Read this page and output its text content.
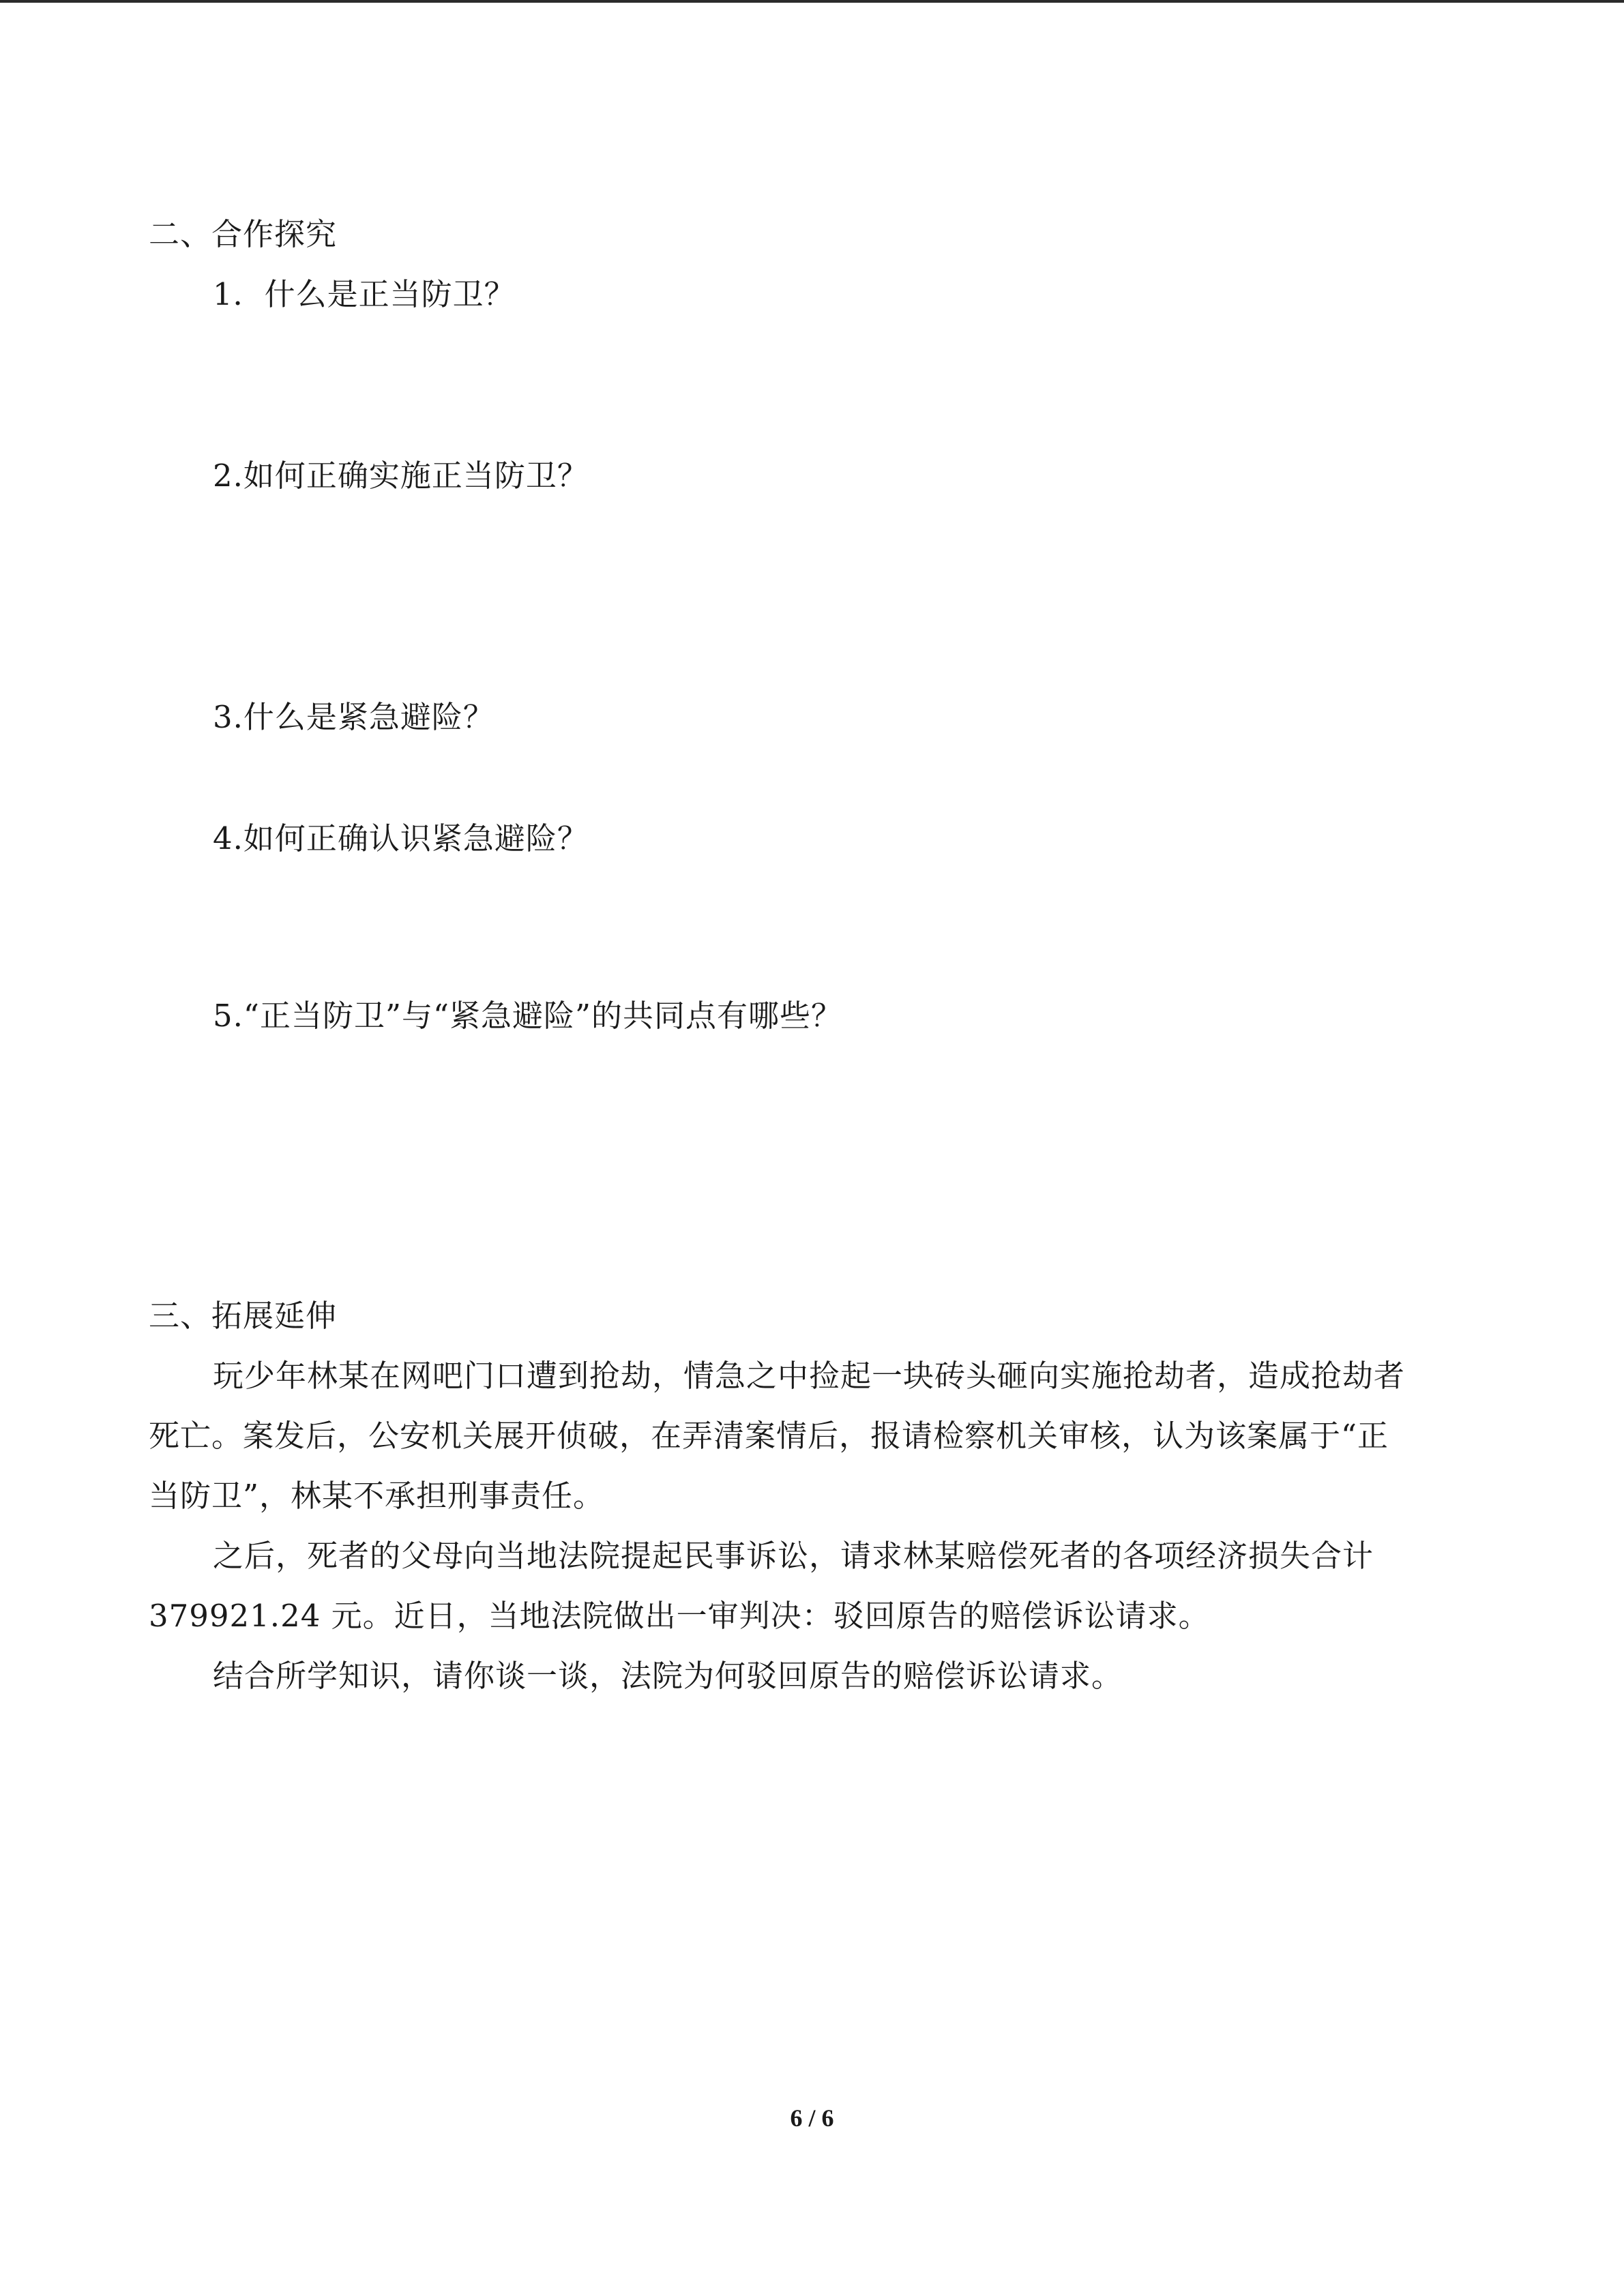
二、合作探究
1．什么是正当防卫？
2.如何正确实施正当防卫？
3.什么是紧急避险？
4.如何正确认识紧急避险？
5.“正当防卫”与“紧急避险”的共同点有哪些？
三、拓展延伸
玩少年林某在网吧门口遭到抢劫，情急之中捡起一块砖头砸向实施抢劫者，造成抢劫者
死亡。案发后，公安机关展开侦破，在弄清案情后，报请检察机关审核，认为该案属于“正
当防卫”，林某不承担刑事责任。
之后，死者的父母向当地法院提起民事诉讼，请求林某赔偿死者的各项经济损失合计
379921.24 元。近日，当地法院做出一审判决：驳回原告的赔偿诉讼请求。
结合所学知识，请你谈一谈，法院为何驳回原告的赔偿诉讼请求。
6 / 6
